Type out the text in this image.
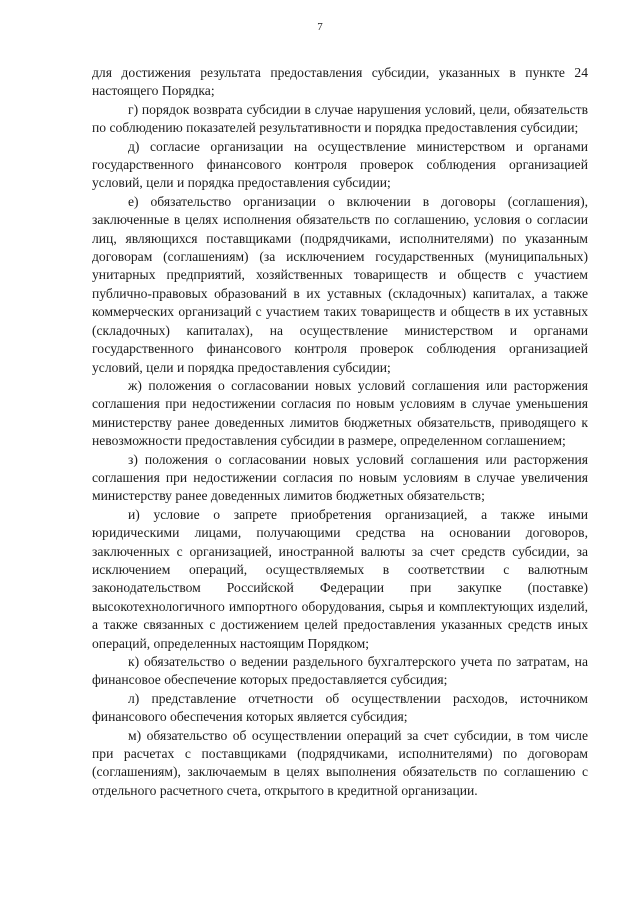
7

для достижения результата предоставления субсидии, указанных в пункте 24 настоящего Порядка;

г) порядок возврата субсидии в случае нарушения условий, цели, обязательств по соблюдению показателей результативности и порядка предоставления субсидии;

д) согласие организации на осуществление министерством и органами государственного финансового контроля проверок соблюдения организацией условий, цели и порядка предоставления субсидии;

е) обязательство организации о включении в договоры (соглашения), заключенные в целях исполнения обязательств по соглашению, условия о согласии лиц, являющихся поставщиками (подрядчиками, исполнителями) по указанным договорам (соглашениям) (за исключением государственных (муниципальных) унитарных предприятий, хозяйственных товариществ и обществ с участием публично-правовых образований в их уставных (складочных) капиталах, а также коммерческих организаций с участием таких товариществ и обществ в их уставных (складочных) капиталах), на осуществление министерством и органами государственного финансового контроля проверок соблюдения организацией условий, цели и порядка предоставления субсидии;

ж) положения о согласовании новых условий соглашения или расторжения соглашения при недостижении согласия по новым условиям в случае уменьшения министерству ранее доведенных лимитов бюджетных обязательств, приводящего к невозможности предоставления субсидии в размере, определенном соглашением;

з) положения о согласовании новых условий соглашения или расторжения соглашения при недостижении согласия по новым условиям в случае увеличения министерству ранее доведенных лимитов бюджетных обязательств;

и) условие о запрете приобретения организацией, а также иными юридическими лицами, получающими средства на основании договоров, заключенных с организацией, иностранной валюты за счет средств субсидии, за исключением операций, осуществляемых в соответствии с валютным законодательством Российской Федерации при закупке (поставке) высокотехнологичного импортного оборудования, сырья и комплектующих изделий, а также связанных с достижением целей предоставления указанных средств иных операций, определенных настоящим Порядком;

к) обязательство о ведении раздельного бухгалтерского учета по затратам, на финансовое обеспечение которых предоставляется субсидия;

л) представление отчетности об осуществлении расходов, источником финансового обеспечения которых является субсидия;

м) обязательство об осуществлении операций за счет субсидии, в том числе при расчетах с поставщиками (подрядчиками, исполнителями) по договорам (соглашениям), заключаемым в целях выполнения обязательств по соглашению с отдельного расчетного счета, открытого в кредитной организации.
